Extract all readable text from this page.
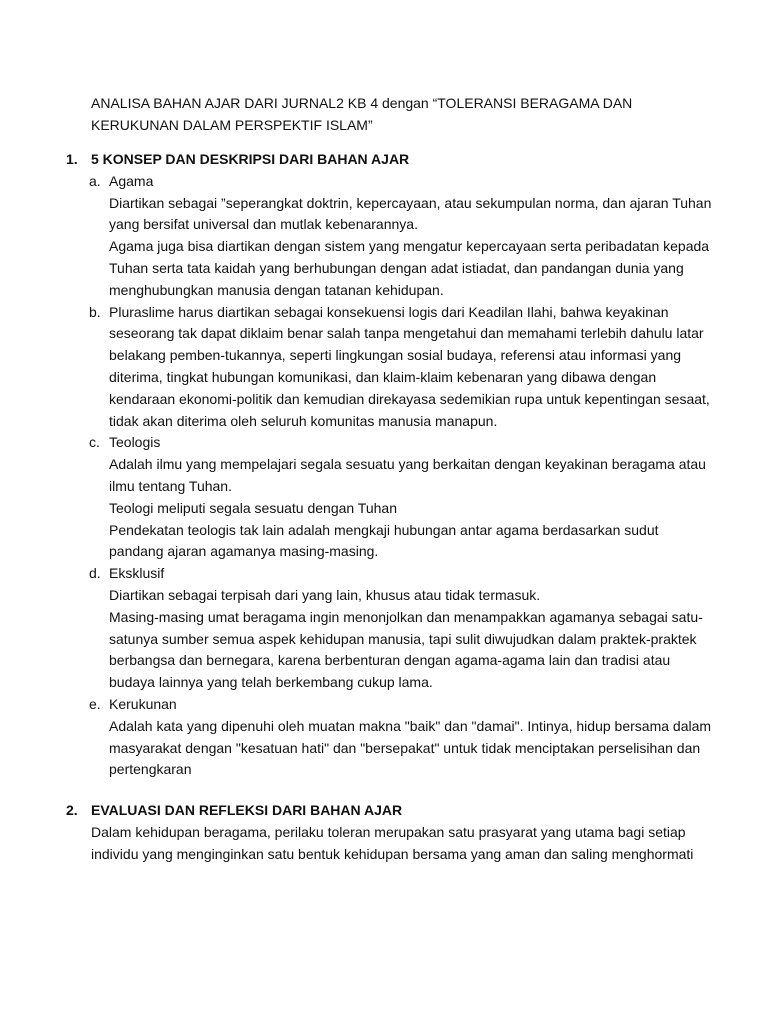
ANALISA BAHAN AJAR DARI JURNAL2 KB 4 dengan “TOLERANSI BERAGAMA DAN KERUKUNAN DALAM PERSPEKTIF ISLAM”
1. 5 KONSEP DAN DESKRIPSI DARI BAHAN AJAR
a. Agama
Diartikan sebagai ”seperangkat doktrin, kepercayaan, atau sekumpulan norma, dan ajaran Tuhan yang bersifat universal dan mutlak kebenarannya.
Agama juga bisa diartikan dengan sistem yang mengatur kepercayaan serta peribadatan kepada Tuhan serta tata kaidah yang berhubungan dengan adat istiadat, dan pandangan dunia yang menghubungkan manusia dengan tatanan kehidupan.
b. Pluraslime harus diartikan sebagai konsekuensi logis dari Keadilan Ilahi, bahwa keyakinan seseorang tak dapat diklaim benar salah tanpa mengetahui dan memahami terlebih dahulu latar belakang pemben-tukannya, seperti lingkungan sosial budaya, referensi atau informasi yang diterima, tingkat hubungan komunikasi, dan klaim-klaim kebenaran yang dibawa dengan kendaraan ekonomi-politik dan kemudian direkayasa sedemikian rupa untuk kepentingan sesaat, tidak akan diterima oleh seluruh komunitas manusia manapun.
c. Teologis
Adalah ilmu yang mempelajari segala sesuatu yang berkaitan dengan keyakinan beragama atau ilmu tentang Tuhan.
Teologi meliputi segala sesuatu dengan Tuhan
Pendekatan teologis tak lain adalah mengkaji hubungan antar agama berdasarkan sudut pandang ajaran agamanya masing-masing.
d. Eksklusif
Diartikan sebagai terpisah dari yang lain, khusus atau tidak termasuk.
Masing-masing umat beragama ingin menonjolkan dan menampakkan agamanya sebagai satu-satunya sumber semua aspek kehidupan manusia, tapi sulit diwujudkan dalam praktek-praktek berbangsa dan bernegara, karena berbenturan dengan agama-agama lain dan tradisi atau budaya lainnya yang telah berkembang cukup lama.
e. Kerukunan
Adalah kata yang dipenuhi oleh muatan makna "baik" dan "damai". Intinya, hidup bersama dalam masyarakat dengan "kesatuan hati" dan "bersepakat" untuk tidak menciptakan perselisihan dan pertengkaran
2. EVALUASI DAN REFLEKSI DARI BAHAN AJAR
Dalam kehidupan beragama, perilaku toleran merupakan satu prasyarat yang utama bagi setiap individu yang menginginkan satu bentuk kehidupan bersama yang aman dan saling menghormati
